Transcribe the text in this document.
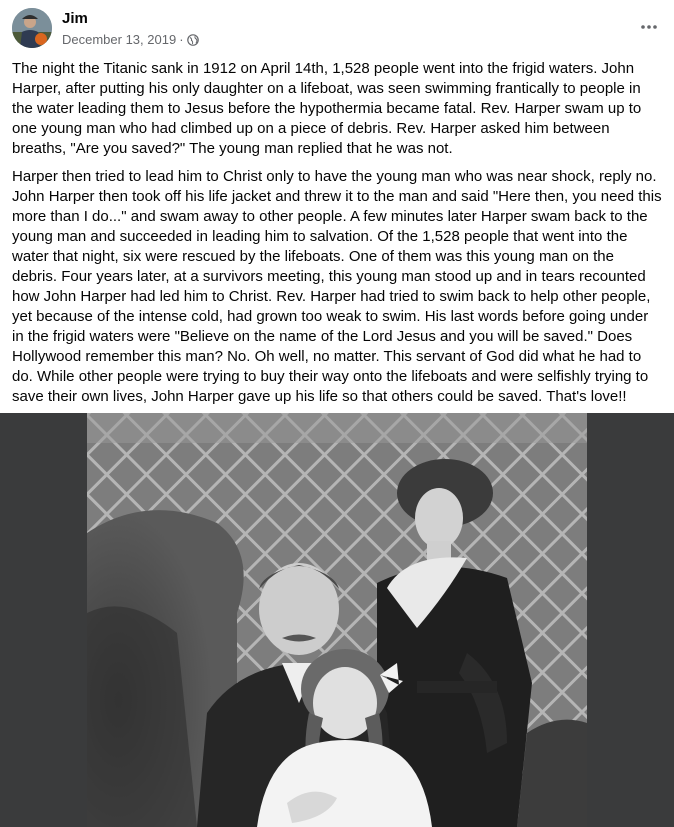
Jim
December 13, 2019 ·

The night the Titanic sank in 1912 on April 14th, 1,528 people went into the frigid waters. John Harper, after putting his only daughter on a lifeboat, was seen swimming frantically to people in the water leading them to Jesus before the hypothermia became fatal. Rev. Harper swam up to one young man who had climbed up on a piece of debris. Rev. Harper asked him between breaths, "Are you saved?" The young man replied that he was not.

Harper then tried to lead him to Christ only to have the young man who was near shock, reply no. John Harper then took off his life jacket and threw it to the man and said "Here then, you need this more than I do..." and swam away to other people. A few minutes later Harper swam back to the young man and succeeded in leading him to salvation. Of the 1,528 people that went into the water that night, six were rescued by the lifeboats. One of them was this young man on the debris. Four years later, at a survivors meeting, this young man stood up and in tears recounted how John Harper had led him to Christ. Rev. Harper had tried to swim back to help other people, yet because of the intense cold, had grown too weak to swim. His last words before going under in the frigid waters were "Believe on the name of the Lord Jesus and you will be saved." Does Hollywood remember this man? No. Oh well, no matter. This servant of God did what he had to do. While other people were trying to buy their way onto the lifeboats and were selfishly trying to save their own lives, John Harper gave up his life so that others could be saved. That's love!!
